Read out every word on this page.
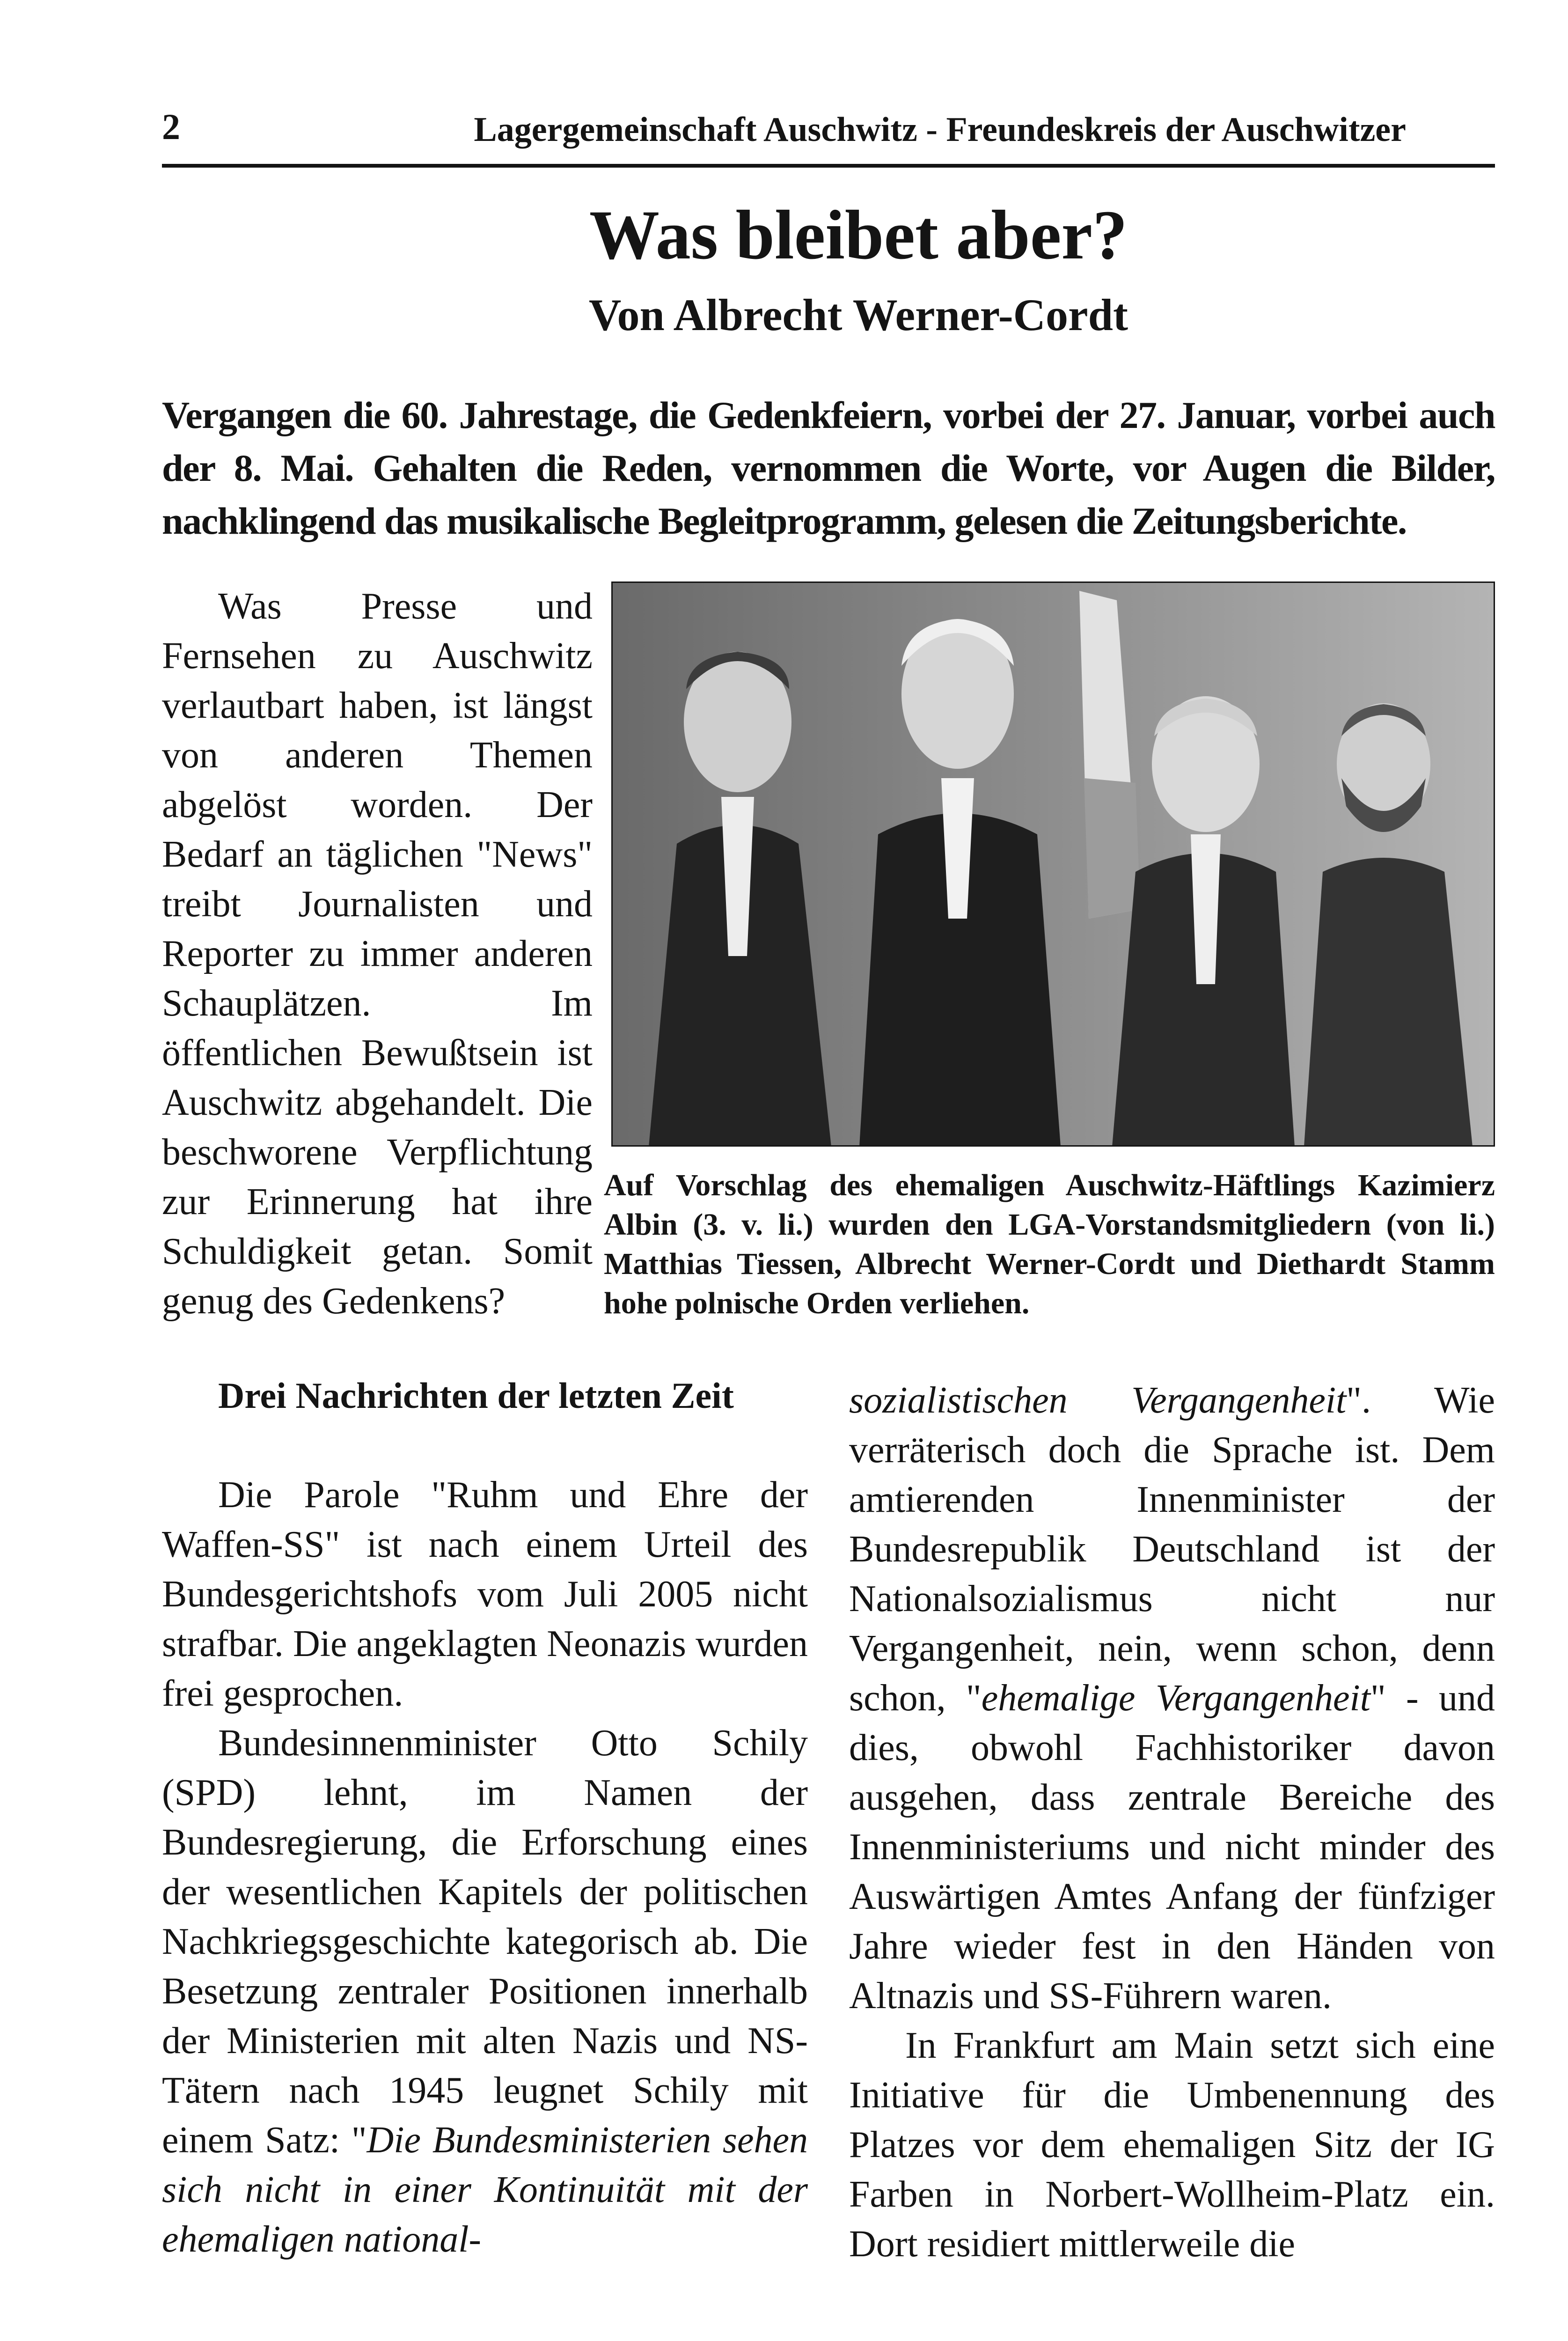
2	Lagergemeinschaft Auschwitz - Freundeskreis der Auschwitzer
Was bleibet aber?
Von Albrecht Werner-Cordt
Vergangen die 60. Jahrestage, die Gedenkfeiern, vorbei der 27. Januar, vorbei auch der 8. Mai. Gehalten die Reden, vernommen die Worte, vor Augen die Bilder, nachklingend das musikalische Begleitprogramm, gelesen die Zeitungsberichte.

Was Presse und Fernsehen zu Auschwitz verlautbart haben, ist längst von anderen Themen abgelöst worden. Der Bedarf an täglichen "News" treibt Journalisten und Reporter zu immer anderen Schauplätzen. Im öffentlichen Bewußtsein ist Auschwitz abgehandelt. Die beschworene Verpflichtung zur Erinnerung hat ihre Schuldigkeit getan. Somit genug des Gedenkens?

Auf Vorschlag des ehemaligen Auschwitz-Häftlings Kazimierz Albin (3. v. li.) wurden den LGA-Vorstandsmitgliedern (von li.) Matthias Tiessen, Albrecht Werner-Cordt und Diethardt Stamm hohe polnische Orden verliehen.
Drei Nachrichten der letzten Zeit

Die Parole "Ruhm und Ehre der Waffen-SS" ist nach einem Urteil des Bundesgerichtshofs vom Juli 2005 nicht strafbar. Die angeklagten Neonazis wurden frei gesprochen.

Bundesinnenminister Otto Schily (SPD) lehnt, im Namen der Bundesregierung, die Erforschung eines der wesentlichen Kapitels der politischen Nachkriegsgeschichte kategorisch ab. Die Besetzung zentraler Positionen innerhalb der Ministerien mit alten Nazis und NS-Tätern nach 1945 leugnet Schily mit einem Satz: "Die Bundesministerien sehen sich nicht in einer Kontinuität mit der ehemaligen national-

sozialistischen Vergangenheit". Wie verräterisch doch die Sprache ist. Dem amtierenden Innenminister der Bundesrepublik Deutschland ist der Nationalsozialismus nicht nur Vergangenheit, nein, wenn schon, denn schon, "ehemalige Vergangenheit" - und dies, obwohl Fachhistoriker davon ausgehen, dass zentrale Bereiche des Innenministeriums und nicht minder des Auswärtigen Amtes Anfang der fünfziger Jahre wieder fest in den Händen von Altnazis und SS-Führern waren.

In Frankfurt am Main setzt sich eine Initiative für die Umbenennung des Platzes vor dem ehemaligen Sitz der IG Farben in Norbert-Wollheim-Platz ein. Dort residiert mittlerweile die
